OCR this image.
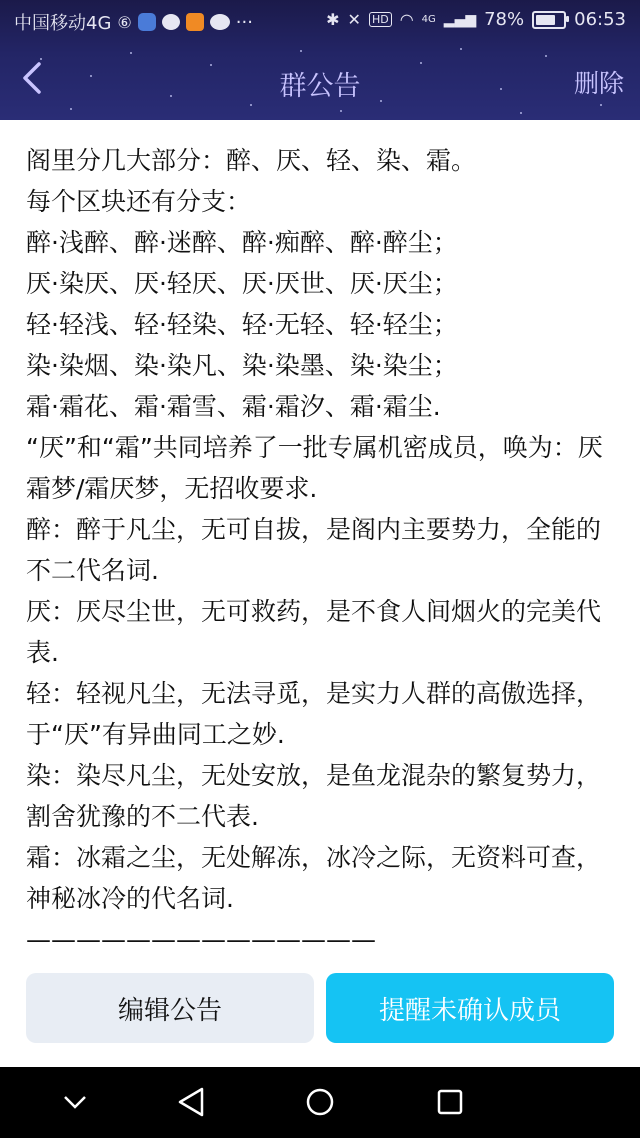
中国移动4G ⑥	···	✱ ✕ HD ◠ 4G ▂▄▆ 78%	06:53
群公告	删除

阁里分几大部分：醉、厌、轻、染、霜。

每个区块还有分支：

醉·浅醉、醉·迷醉、醉·痴醉、醉·醉尘；

厌·染厌、厌·轻厌、厌·厌世、厌·厌尘；

轻·轻浅、轻·轻染、轻·无轻、轻·轻尘；

染·染烟、染·染凡、染·染墨、染·染尘；

霜·霜花、霜·霜雪、霜·霜汐、霜·霜尘.

“厌”和“霜”共同培养了一批专属机密成员，唤为：厌霜梦/霜厌梦，无招收要求.

醉：醉于凡尘，无可自拔，是阁内主要势力，全能的不二代名词.

厌：厌尽尘世，无可救药，是不食人间烟火的完美代表.

轻：轻视凡尘，无法寻觅，是实力人群的高傲选择，于“厌”有异曲同工之妙.

染：染尽凡尘，无处安放，是鱼龙混杂的繁复势力，割舍犹豫的不二代表.

霜：冰霜之尘，无处解冻，冰冷之际，无资料可查，神秘冰冷的代名词.

——————————————

编辑公告	提醒未确认成员
